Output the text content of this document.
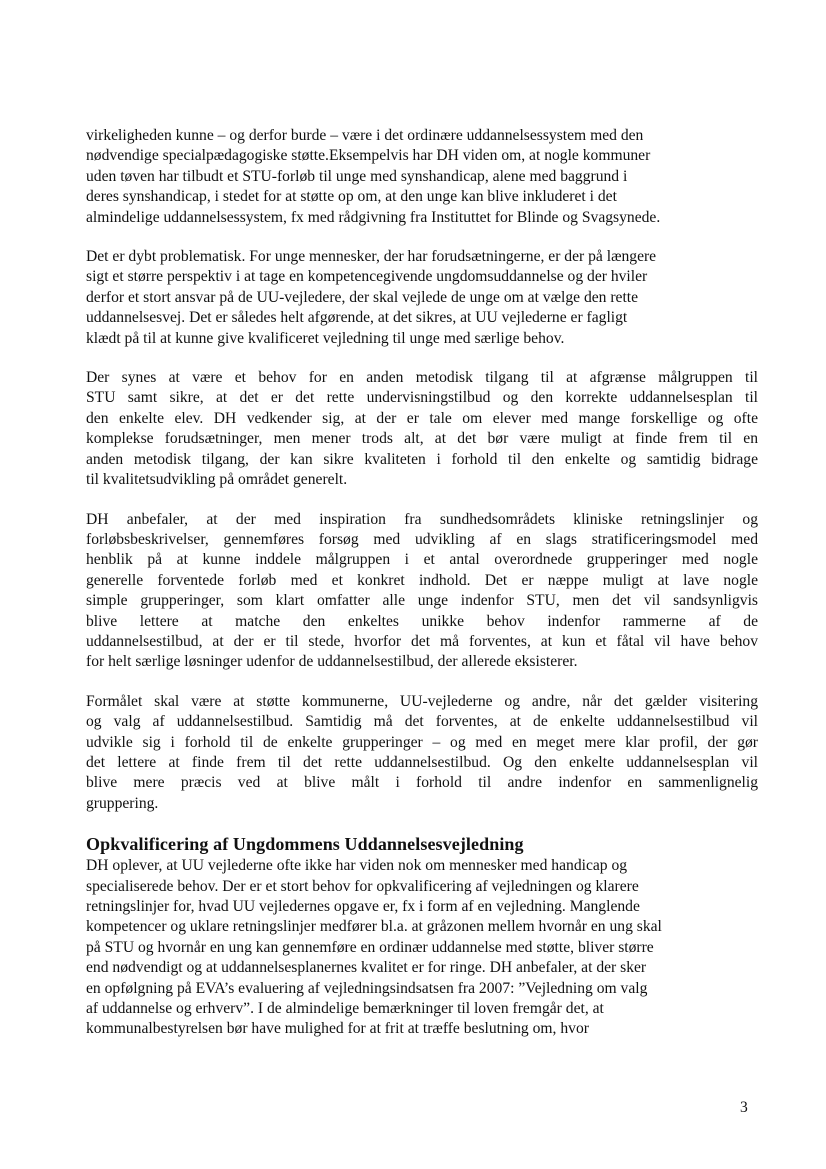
virkeligheden kunne – og derfor burde – være i det ordinære uddannelsessystem med den
nødvendige specialpædagogiske støtte.Eksempelvis har DH viden om, at nogle kommuner
uden tøven har tilbudt et STU-forløb til unge med synshandicap, alene med baggrund i
deres synshandicap, i stedet for at støtte op om, at den unge kan blive inkluderet i det
almindelige uddannelsessystem, fx med rådgivning fra Instituttet for Blinde og Svagsynede.

Det er dybt problematisk. For unge mennesker, der har forudsætningerne, er der på længere
sigt et større perspektiv i at tage en kompetencegivende ungdomsuddannelse og der hviler
derfor et stort ansvar på de UU-vejledere, der skal vejlede de unge om at vælge den rette
uddannelsesvej. Det er således helt afgørende, at det sikres, at UU vejlederne er fagligt
klædt på til at kunne give kvalificeret vejledning til unge med særlige behov.

Der synes at være et behov for en anden metodisk tilgang til at afgrænse målgruppen til
STU samt sikre, at det er det rette undervisningstilbud og den korrekte uddannelsesplan til
den enkelte elev. DH vedkender sig, at der er tale om elever med mange forskellige og ofte
komplekse forudsætninger, men mener trods alt, at det bør være muligt at finde frem til en
anden metodisk tilgang, der kan sikre kvaliteten i forhold til den enkelte og samtidig bidrage
til kvalitetsudvikling på området generelt.

DH anbefaler, at der med inspiration fra sundhedsområdets kliniske retningslinjer og
forløbsbeskrivelser, gennemføres forsøg med udvikling af en slags stratificeringsmodel med
henblik på at kunne inddele målgruppen i et antal overordnede grupperinger med nogle
generelle forventede forløb med et konkret indhold. Det er næppe muligt at lave nogle
simple grupperinger, som klart omfatter alle unge indenfor STU, men det vil sandsynligvis
blive lettere at matche den enkeltes unikke behov indenfor rammerne af de
uddannelsestilbud, at der er til stede, hvorfor det må forventes, at kun et fåtal vil have behov
for helt særlige løsninger udenfor de uddannelsestilbud, der allerede eksisterer.

Formålet skal være at støtte kommunerne, UU-vejlederne og andre, når det gælder visitering
og valg af uddannelsestilbud. Samtidig må det forventes, at de enkelte uddannelsestilbud vil
udvikle sig i forhold til de enkelte grupperinger – og med en meget mere klar profil, der gør
det lettere at finde frem til det rette uddannelsestilbud. Og den enkelte uddannelsesplan vil
blive mere præcis ved at blive målt i forhold til andre indenfor en sammenlignelig
gruppering.

Opkvalificering af Ungdommens Uddannelsesvejledning

DH oplever, at UU vejlederne ofte ikke har viden nok om mennesker med handicap og
specialiserede behov. Der er et stort behov for opkvalificering af vejledningen og klarere
retningslinjer for, hvad UU vejledernes opgave er, fx i form af en vejledning. Manglende
kompetencer og uklare retningslinjer medfører bl.a. at gråzonen mellem hvornår en ung skal
på STU og hvornår en ung kan gennemføre en ordinær uddannelse med støtte, bliver større
end nødvendigt og at uddannelsesplanernes kvalitet er for ringe. DH anbefaler, at der sker
en opfølgning på EVA’s evaluering af vejledningsindsatsen fra 2007: ”Vejledning om valg
af uddannelse og erhverv”. I de almindelige bemærkninger til loven fremgår det, at
kommunalbestyrelsen bør have mulighed for at frit at træffe beslutning om, hvor

3
